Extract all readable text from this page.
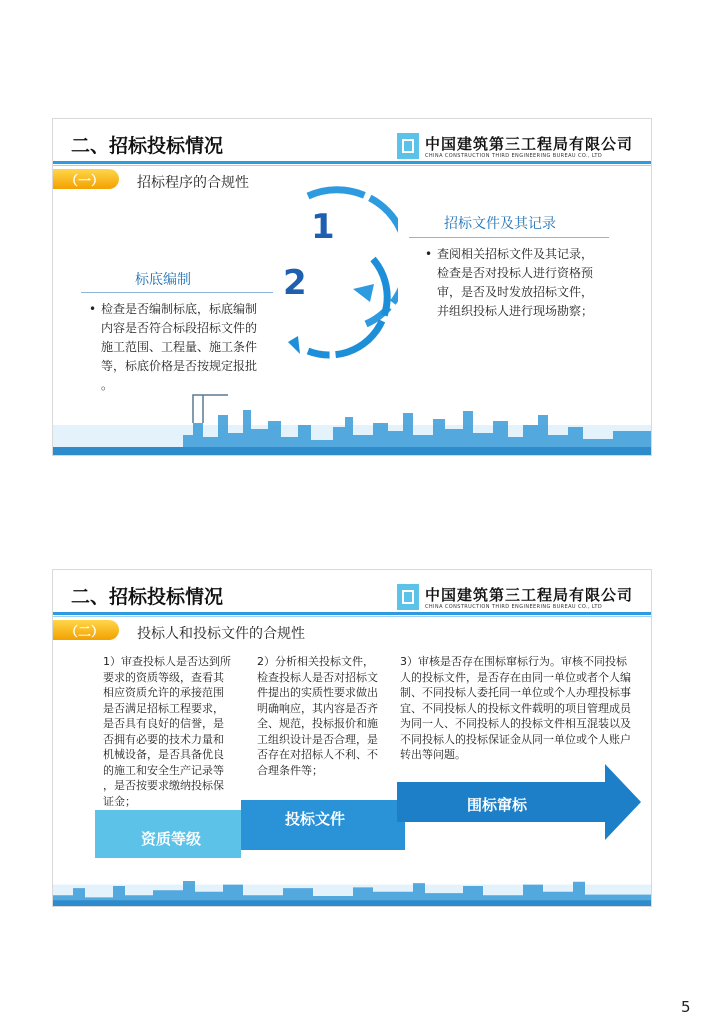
二、招标投标情况	中国建筑第三工程局有限公司
CHINA CONSTRUCTION THIRD ENGINEERING BUREAU CO., LTD
（一） 招标程序的合规性
1
2
招标文件及其记录
• 查阅相关招标文件及其记录，
检查是否对投标人进行资格预
审，是否及时发放招标文件，
并组织投标人进行现场勘察；
标底编制
• 检查是否编制标底，标底编制
内容是否符合标段招标文件的
施工范围、工程量、施工条件
等，标底价格是否按规定报批
。
二、招标投标情况	中国建筑第三工程局有限公司
CHINA CONSTRUCTION THIRD ENGINEERING BUREAU CO., LTD
（二） 投标人和投标文件的合规性
1）审查投标人是否达到所
要求的资质等级，查看其
相应资质允许的承接范围
是否满足招标工程要求，
是否具有良好的信誉，是
否拥有必要的技术力量和
机械设备，是否具备优良
的施工和安全生产记录等
，是否按要求缴纳投标保
证金；
2）分析相关投标文件，
检查投标人是否对招标文
件提出的实质性要求做出
明确响应，其内容是否齐
全、规范，投标报价和施
工组织设计是否合理，是
否存在对招标人不利、不
合理条件等；
3）审核是否存在围标窜标行为。审核不同投标
人的投标文件，是否存在由同一单位或者个人编
制、不同投标人委托同一单位或个人办理投标事
宜、不同投标人的投标文件载明的项目管理成员
为同一人、不同投标人的投标文件相互混装以及
不同投标人的投标保证金从同一单位或个人账户
转出等问题。
资质等级
投标文件
围标窜标
5
